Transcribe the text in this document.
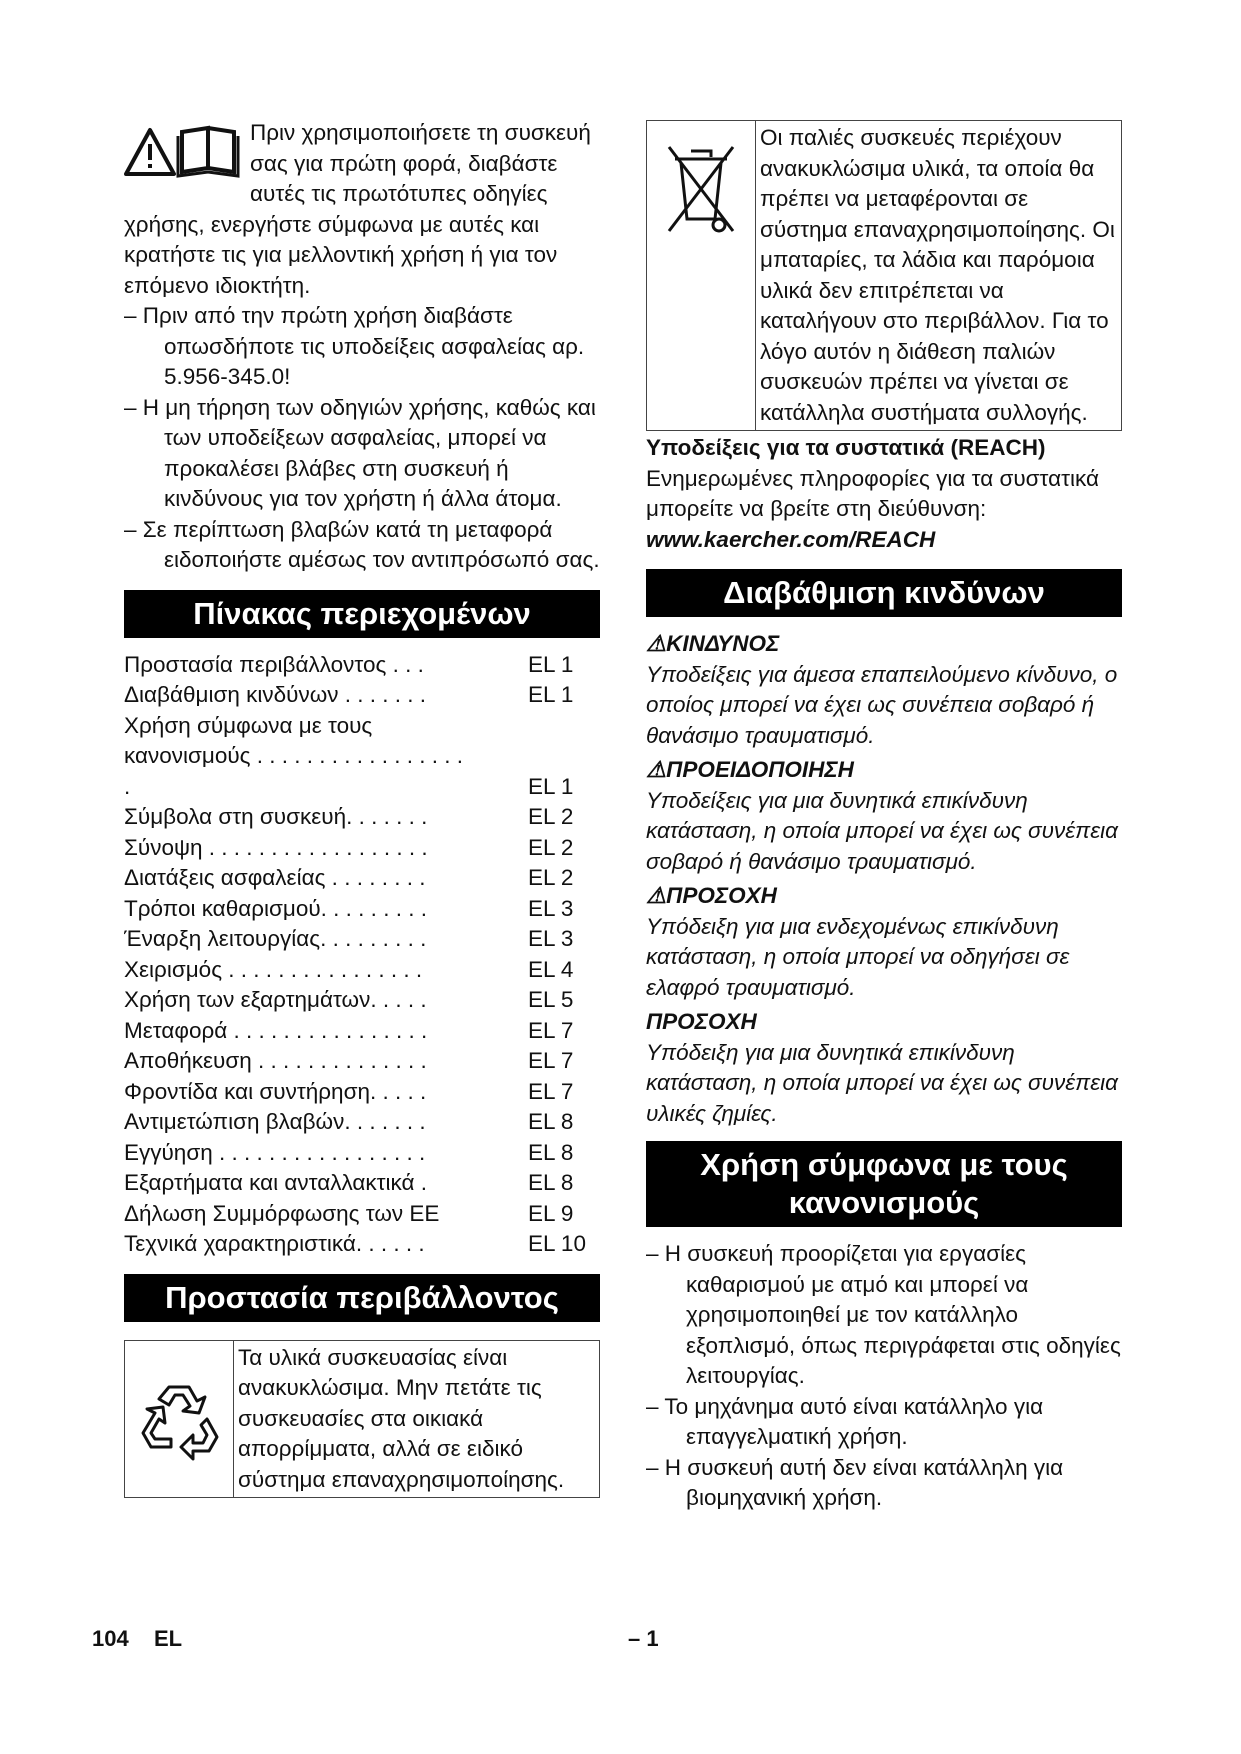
Πριν χρησιμοποιήσετε τη συσκευή σας για πρώτη φορά, διαβάστε αυτές τις πρωτότυπες οδηγίες χρήσης, ενεργήστε σύμφωνα με αυτές και κρατήστε τις για μελλοντική χρήση ή για τον επόμενο ιδιοκτήτη.

– Πριν από την πρώτη χρήση διαβάστε οπωσδήποτε τις υποδείξεις ασφαλείας αρ. 5.956-345.0!

– Η μη τήρηση των οδηγιών χρήσης, καθώς και των υποδείξεων ασφαλείας, μπορεί να προκαλέσει βλάβες στη συσκευή ή κινδύνους για τον χρήστη ή άλλα άτομα.

– Σε περίπτωση βλαβών κατά τη μεταφορά ειδοποιήστε αμέσως τον αντιπρόσωπό σας.

Πίνακας περιεχομένων
Προστασία περιβάλλοντος . . .	EL 1
Διαβάθμιση κινδύνων . . . . . . .	EL 1
Χρήση σύμφωνα με τους κανονισμούς . . . . . . . . . . . . . . . . . .	EL 1
Σύμβολα στη συσκευή. . . . . . .	EL 2
Σύνοψη . . . . . . . . . . . . . . . . . .	EL 2
Διατάξεις ασφαλείας . . . . . . . .	EL 2
Τρόποι καθαρισμού. . . . . . . . .	EL 3
Έναρξη λειτουργίας. . . . . . . . .	EL 3
Χειρισμός . . . . . . . . . . . . . . . .	EL 4
Χρήση των εξαρτημάτων. . . . .	EL 5
Μεταφορά . . . . . . . . . . . . . . . .	EL 7
Αποθήκευση . . . . . . . . . . . . . .	EL 7
Φροντίδα και συντήρηση. . . . .	EL 7
Αντιμετώπιση βλαβών. . . . . . .	EL 8
Εγγύηση . . . . . . . . . . . . . . . . .	EL 8
Εξαρτήματα και ανταλλακτικά .	EL 8
Δήλωση Συμμόρφωσης των ΕΕ	EL 9
Τεχνικά χαρακτηριστικά. . . . . .	EL 10
Προστασία περιβάλλοντος

Τα υλικά συσκευασίας είναι ανακυκλώσιμα. Μην πετάτε τις συσκευασίες στα οικιακά απορρίμματα, αλλά σε ειδικό σύστημα επαναχρησιμοποίησης.

Οι παλιές συσκευές περιέχουν ανακυκλώσιμα υλικά, τα οποία θα πρέπει να μεταφέρονται σε σύστημα επαναχρησιμοποίησης. Οι μπαταρίες, τα λάδια και παρόμοια υλικά δεν επιτρέπεται να καταλήγουν στο περιβάλλον. Για το λόγο αυτόν η διάθεση παλιών συσκευών πρέπει να γίνεται σε κατάλληλα συστήματα συλλογής.

Υποδείξεις για τα συστατικά (REACH)

Ενημερωμένες πληροφορίες για τα συστατικά μπορείτε να βρείτε στη διεύθυνση:

www.kaercher.com/REACH

Διαβάθμιση κινδύνων

⚠ΚΙΝΔΥΝΟΣ

Υποδείξεις για άμεσα επαπειλούμενο κίνδυνο, ο οποίος μπορεί να έχει ως συνέπεια σοβαρό ή θανάσιμο τραυματισμό.

⚠ΠΡΟΕΙΔΟΠΟΙΗΣΗ

Υποδείξεις για μια δυνητικά επικίνδυνη κατάσταση, η οποία μπορεί να έχει ως συνέπεια σοβαρό ή θανάσιμο τραυματισμό.

⚠ΠΡΟΣΟΧΗ

Υπόδειξη για μια ενδεχομένως επικίνδυνη κατάσταση, η οποία μπορεί να οδηγήσει σε ελαφρό τραυματισμό.

ΠΡΟΣΟΧΗ

Υπόδειξη για μια δυνητικά επικίνδυνη κατάσταση, η οποία μπορεί να έχει ως συνέπεια υλικές ζημίες.

Χρήση σύμφωνα με τους κανονισμούς

– Η συσκευή προορίζεται για εργασίες καθαρισμού με ατμό και μπορεί να χρησιμοποιηθεί με τον κατάλληλο εξοπλισμό, όπως περιγράφεται στις οδηγίες λειτουργίας.

– Το μηχάνημα αυτό είναι κατάλληλο για επαγγελματική χρήση.

– Η συσκευή αυτή δεν είναι κατάλληλη για βιομηχανική χρήση.

104 EL	– 1
